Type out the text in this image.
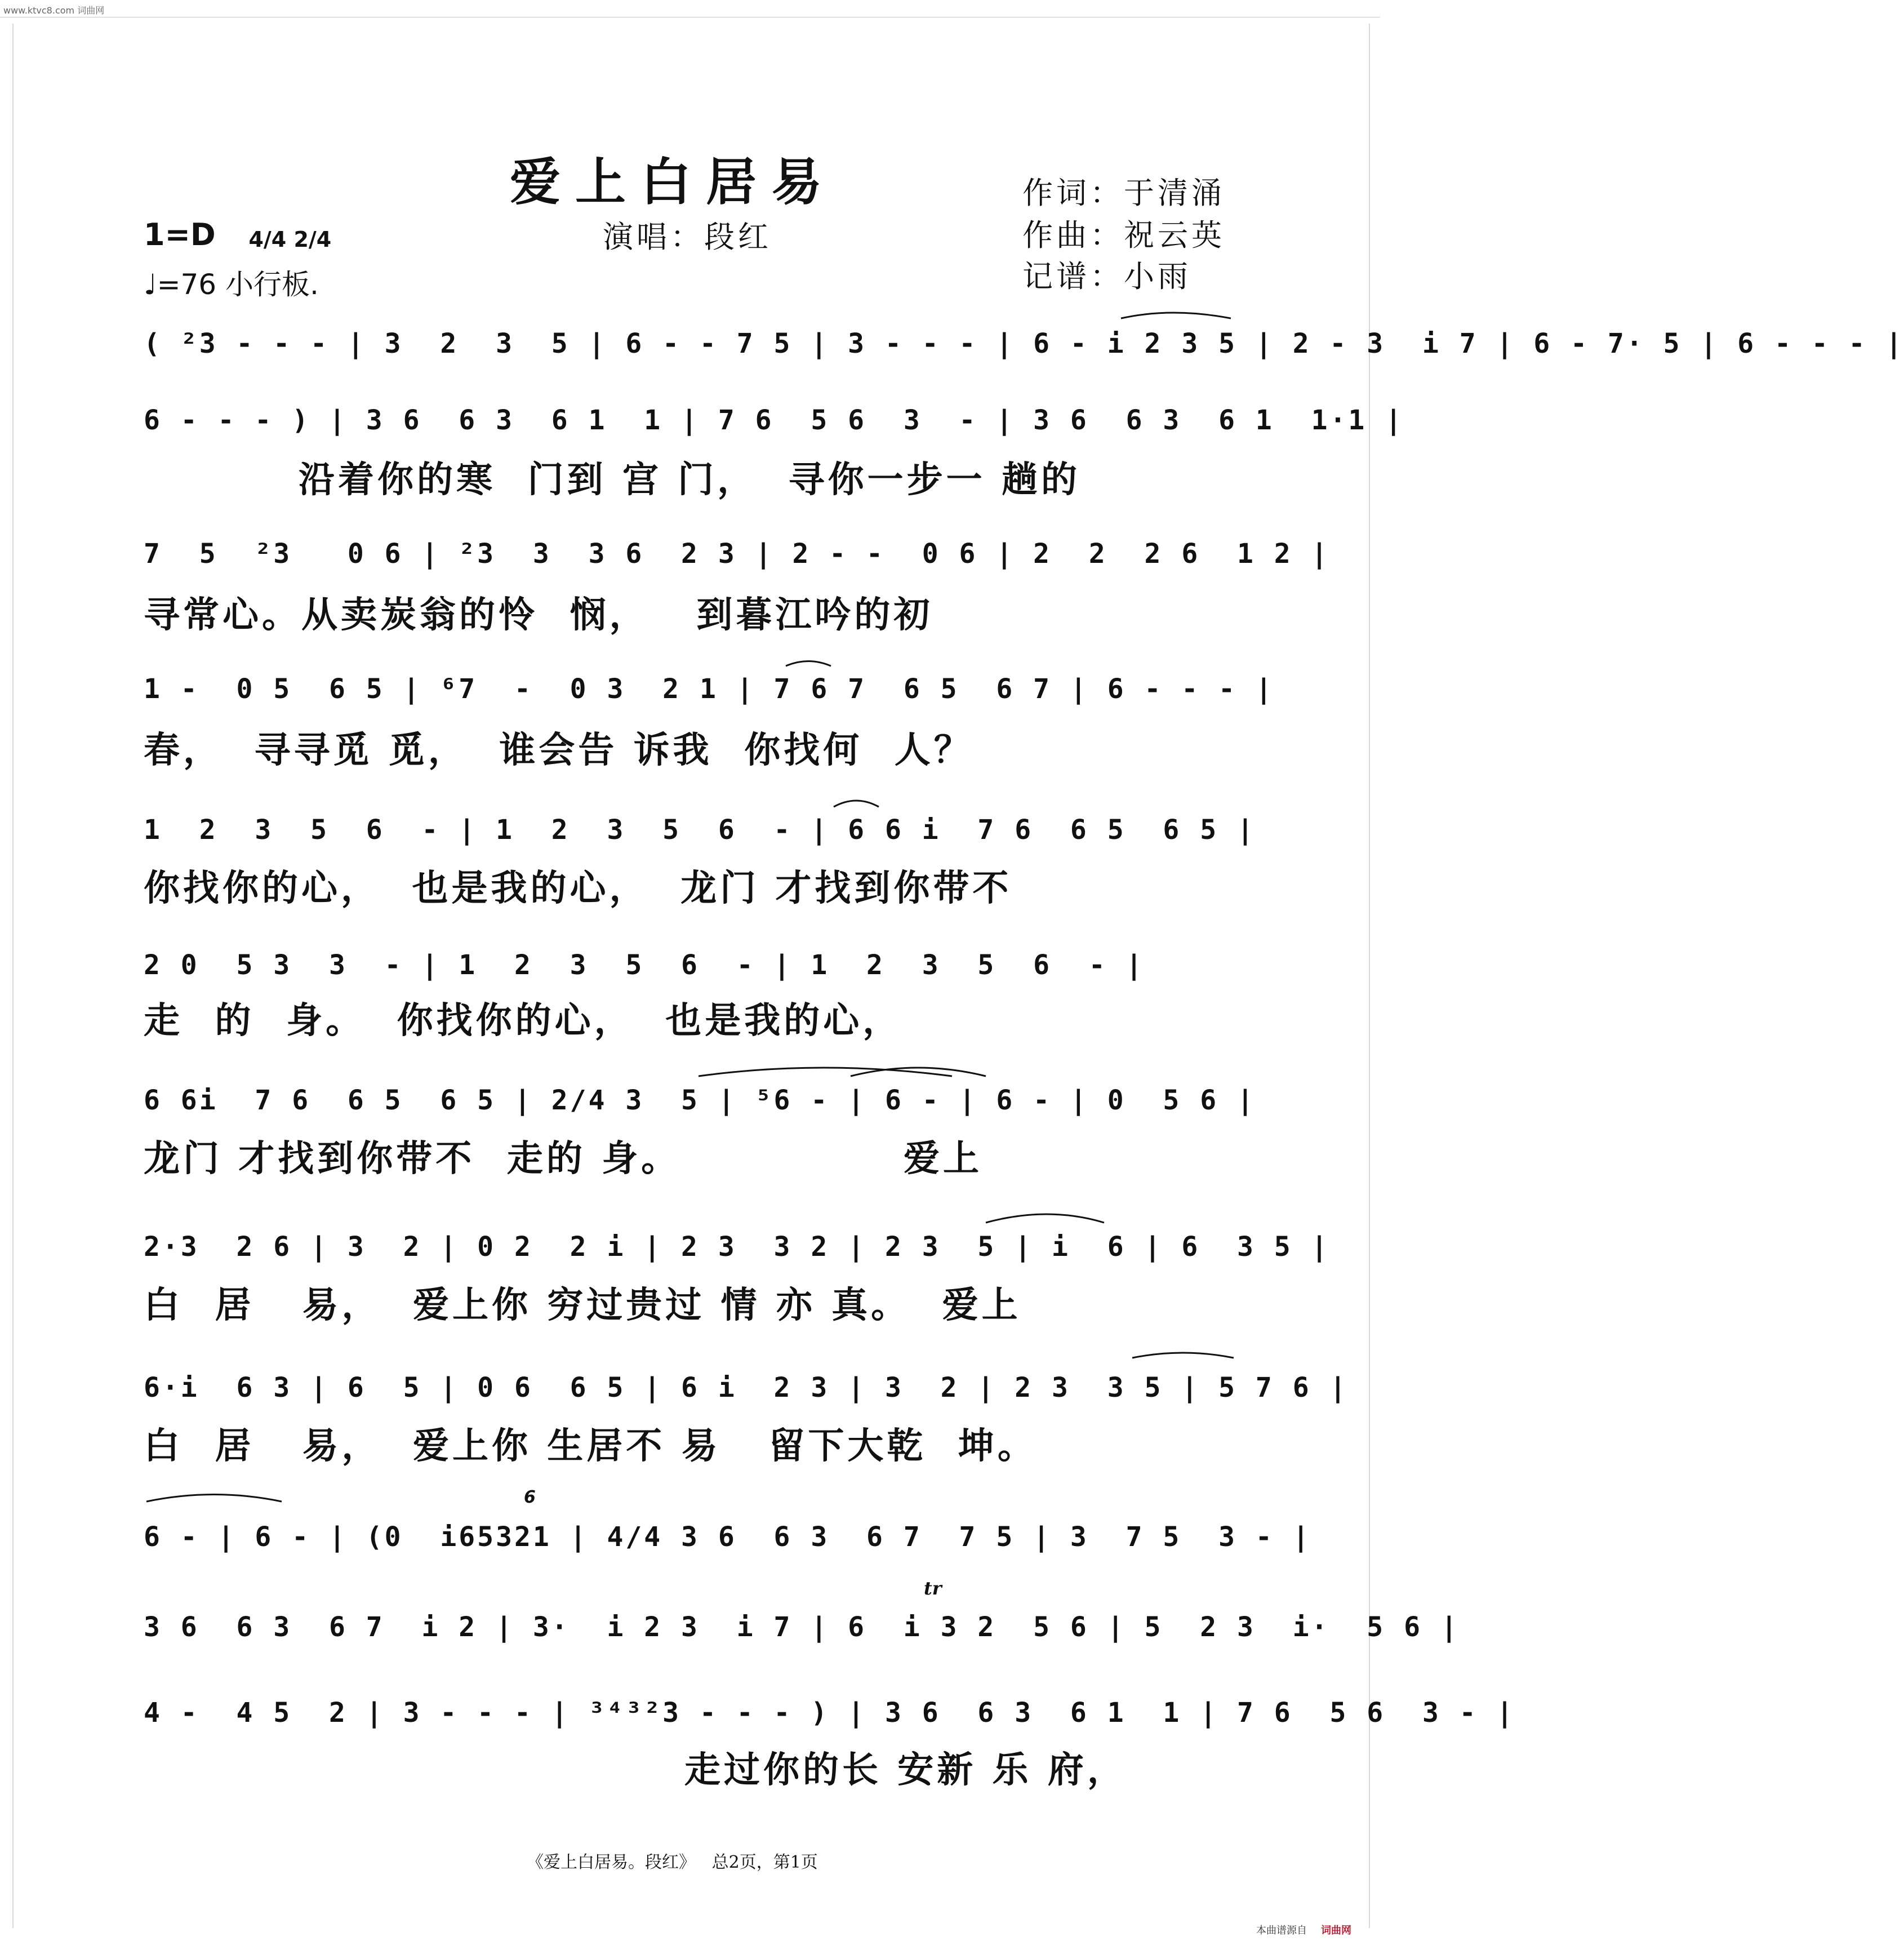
www.ktvc8.com 词曲网
爱上白居易	作词：于清涌
作曲：祝云英
记谱：小雨
演唱：段红
1=D	4/4 2/4

♩=76 小行板.
( ²3 - - - | 3  2  3  5 | 6 - - 7 5 | 3 - - - | 6 - i 2 3 5 | 2 - 3  i 7 | 6 - 7· 5 | 6 - - - |
6 - - - ) | 3 6  6 3  6 1  1 | 7 6  5 6  3  - | 3 6  6 3  6 1  1·1 |
沿着你的寒  门到 宫 门，  寻你一步一 趟的
7  5  ²3   0 6 | ²3  3  3 6  2 3 | 2 - -  0 6 | 2  2  2 6  1 2 |
寻常心。从卖炭翁的怜  悯，   到暮江吟的初
1 -  0 5  6 5 | ⁶7  -  0 3  2 1 | 7 6 7  6 5  6 7 | 6 - - - |
春，  寻寻觅 觅，  谁会告 诉我  你找何  人？
1  2  3  5  6  - | 1  2  3  5  6  - | 6 6 i  7 6  6 5  6 5 |
你找你的心，  也是我的心，  龙门 才找到你带不
2 0  5 3  3  - | 1  2  3  5  6  - | 1  2  3  5  6  - |
走  的  身。  你找你的心，  也是我的心，
6 6i  7 6  6 5  6 5 | 2/4 3  5 | ⁵6 - | 6 - | 6 - | 0  5 6 |
龙门 才找到你带不  走的 身。              爱上
2·3  2 6 | 3  2 | 0 2  2 i | 2 3  3 2 | 2 3  5 | i  6 | 6  3 5 |
白  居   易，  爱上你 穷过贵过 情 亦 真。  爱上
6·i  6 3 | 6  5 | 0 6  6 5 | 6 i  2 3 | 3  2 | 2 3  3 5 | 5 7 6 |
白  居   易，  爱上你 生居不 易   留下大乾  坤。
6 - | 6 - | (0  i65321 | 4/4 3 6  6 3  6 7  7 5 | 3  7 5  3 - |
6
tr
3 6  6 3  6 7  i 2 | 3·  i 2 3  i 7 | 6  i 3 2  5 6 | 5  2 3  i·  5 6 |
4 -  4 5  2 | 3 - - - | ³⁴³²3 - - - ) | 3 6  6 3  6 1  1 | 7 6  5 6  3 - |
走过你的长 安新 乐 府，
《爱上白居易。段红》   总2页，第1页
本曲谱源自 词曲网
